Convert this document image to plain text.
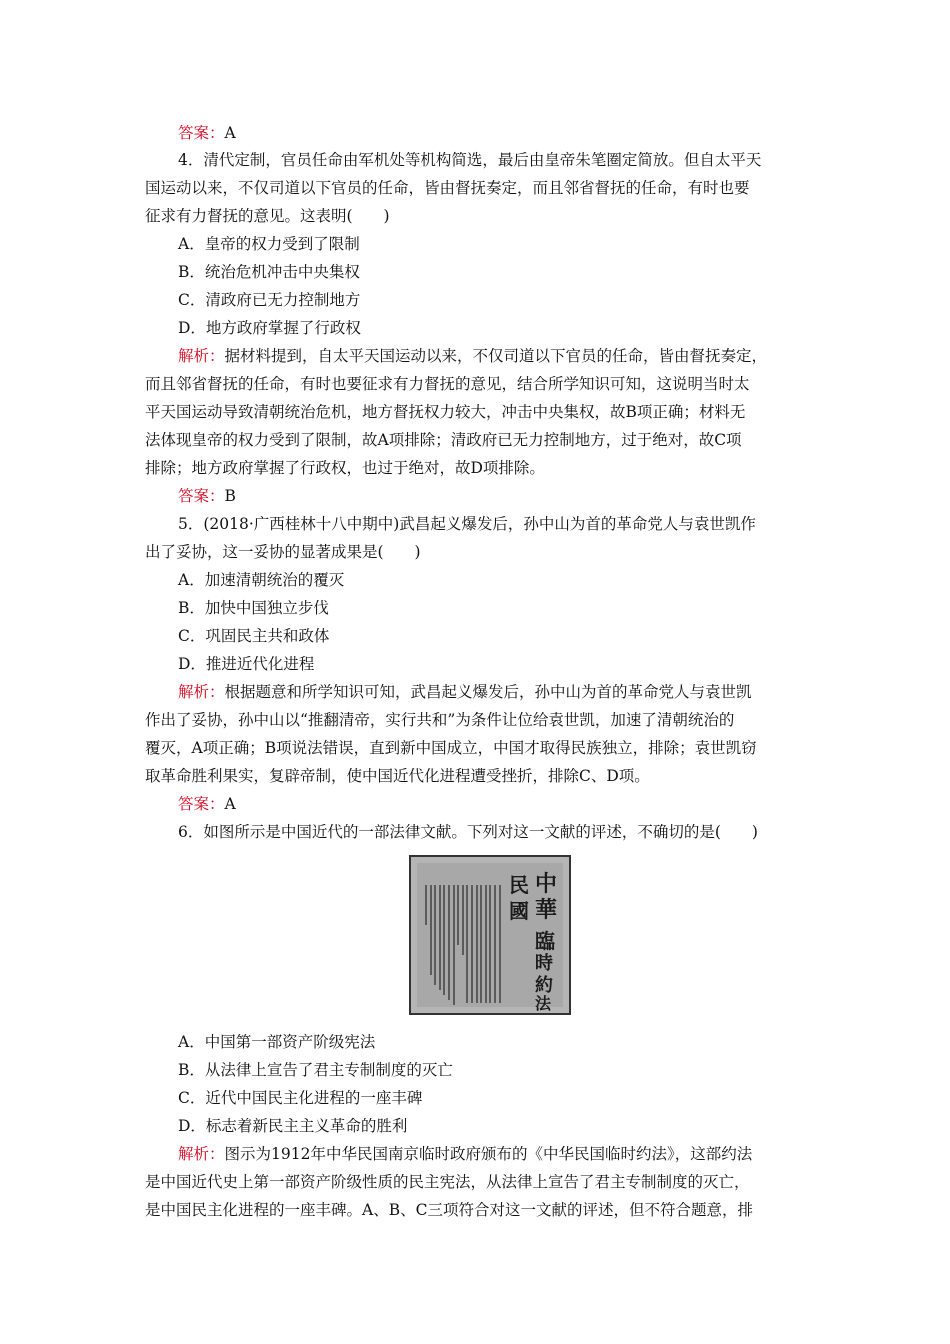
答案：A
4．清代定制，官员任命由军机处等机构简选，最后由皇帝朱笔圈定简放。但自太平天
国运动以来，不仅司道以下官员的任命，皆由督抚奏定，而且邻省督抚的任命，有时也要
征求有力督抚的意见。这表明(　　)
A．皇帝的权力受到了限制
B．统治危机冲击中央集权
C．清政府已无力控制地方
D．地方政府掌握了行政权
解析：据材料提到，自太平天国运动以来，不仅司道以下官员的任命，皆由督抚奏定，
而且邻省督抚的任命，有时也要征求有力督抚的意见，结合所学知识可知，这说明当时太
平天国运动导致清朝统治危机，地方督抚权力较大，冲击中央集权，故B项正确；材料无
法体现皇帝的权力受到了限制，故A项排除；清政府已无力控制地方，过于绝对，故C项
排除；地方政府掌握了行政权，也过于绝对，故D项排除。
答案：B
5．(2018·广西桂林十八中期中)武昌起义爆发后，孙中山为首的革命党人与袁世凯作
出了妥协，这一妥协的显著成果是(　　)
A．加速清朝统治的覆灭
B．加快中国独立步伐
C．巩固民主共和政体
D．推进近代化进程
解析：根据题意和所学知识可知，武昌起义爆发后，孙中山为首的革命党人与袁世凯
作出了妥协，孙中山以“推翻清帝，实行共和”为条件让位给袁世凯，加速了清朝统治的
覆灭，A项正确；B项说法错误，直到新中国成立，中国才取得民族独立，排除；袁世凯窃
取革命胜利果实，复辟帝制，使中国近代化进程遭受挫折，排除C、D项。
答案：A
6．如图所示是中国近代的一部法律文献。下列对这一文献的评述，不确切的是(　　)
A．中国第一部资产阶级宪法
B．从法律上宣告了君主专制制度的灭亡
C．近代中国民主化进程的一座丰碑
D．标志着新民主主义革命的胜利
解析：图示为1912年中华民国南京临时政府颁布的《中华民国临时约法》，这部约法
是中国近代史上第一部资产阶级性质的民主宪法，从法律上宣告了君主专制制度的灭亡，
是中国民主化进程的一座丰碑。A、B、C三项符合对这一文献的评述，但不符合题意，排
中
華
民
國
臨
時
約
法
